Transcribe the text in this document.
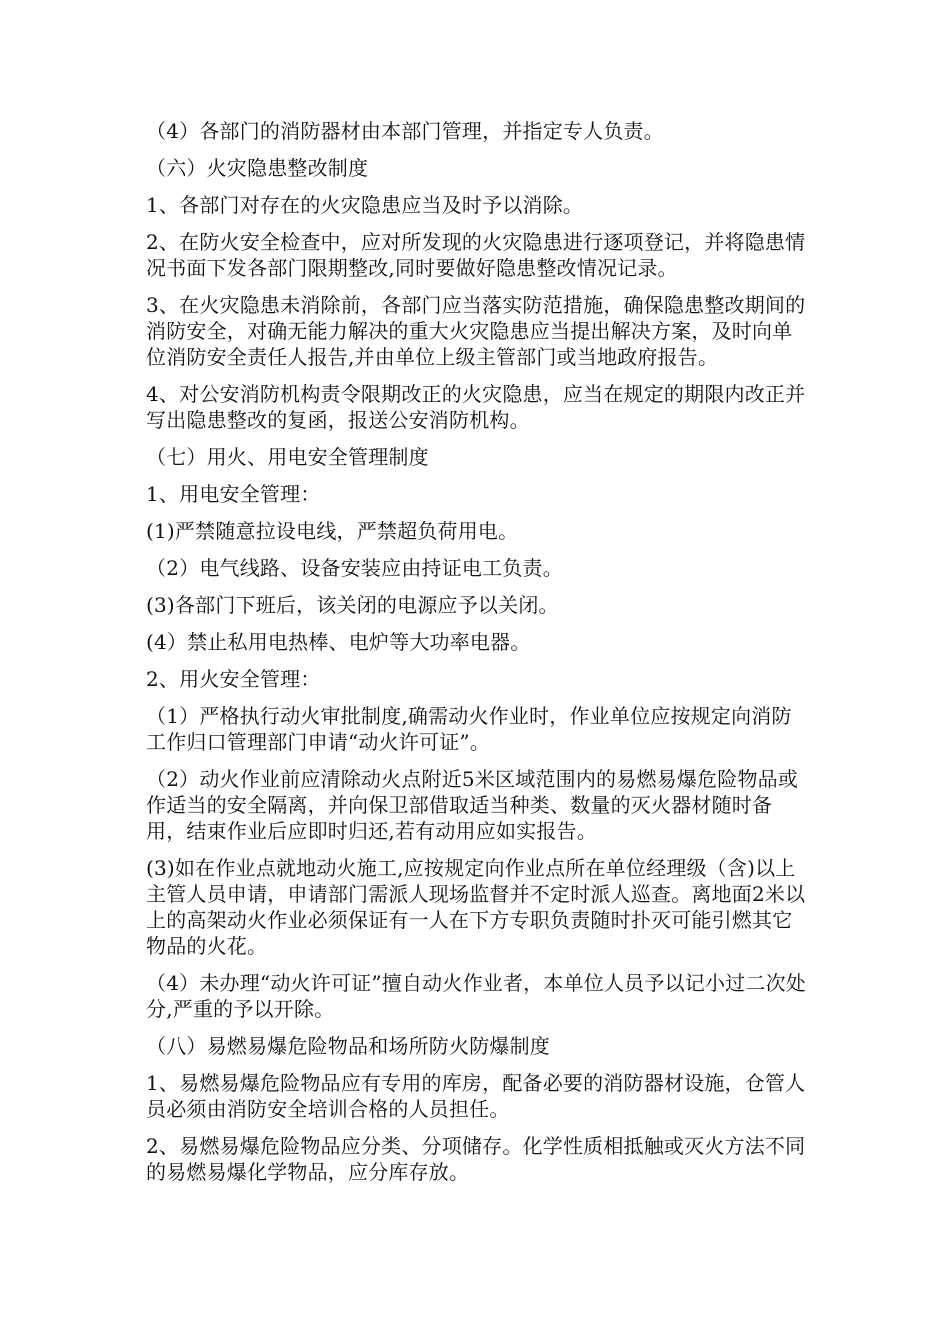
（4）各部门的消防器材由本部门管理，并指定专人负责。

（六）火灾隐患整改制度

1、各部门对存在的火灾隐患应当及时予以消除。

2、在防火安全检查中，应对所发现的火灾隐患进行逐项登记，并将隐患情况书面下发各部门限期整改,同时要做好隐患整改情况记录。

3、在火灾隐患未消除前，各部门应当落实防范措施，确保隐患整改期间的消防安全，对确无能力解决的重大火灾隐患应当提出解决方案，及时向单位消防安全责任人报告,并由单位上级主管部门或当地政府报告。

4、对公安消防机构责令限期改正的火灾隐患，应当在规定的期限内改正并写出隐患整改的复函，报送公安消防机构。

（七）用火、用电安全管理制度

1、用电安全管理：

(1)严禁随意拉设电线，严禁超负荷用电。

（2）电气线路、设备安装应由持证电工负责。

(3)各部门下班后，该关闭的电源应予以关闭。

(4）禁止私用电热棒、电炉等大功率电器。

2、用火安全管理：

（1）严格执行动火审批制度,确需动火作业时，作业单位应按规定向消防工作归口管理部门申请“动火许可证”。

（2）动火作业前应清除动火点附近5米区域范围内的易燃易爆危险物品或作适当的安全隔离，并向保卫部借取适当种类、数量的灭火器材随时备用，结束作业后应即时归还,若有动用应如实报告。

(3)如在作业点就地动火施工,应按规定向作业点所在单位经理级（含)以上主管人员申请，申请部门需派人现场监督并不定时派人巡查。离地面2米以上的高架动火作业必须保证有一人在下方专职负责随时扑灭可能引燃其它物品的火花。

（4）未办理“动火许可证”擅自动火作业者，本单位人员予以记小过二次处分,严重的予以开除。

（八）易燃易爆危险物品和场所防火防爆制度

1、易燃易爆危险物品应有专用的库房，配备必要的消防器材设施，仓管人员必须由消防安全培训合格的人员担任。

2、易燃易爆危险物品应分类、分项储存。化学性质相抵触或灭火方法不同的易燃易爆化学物品，应分库存放。
